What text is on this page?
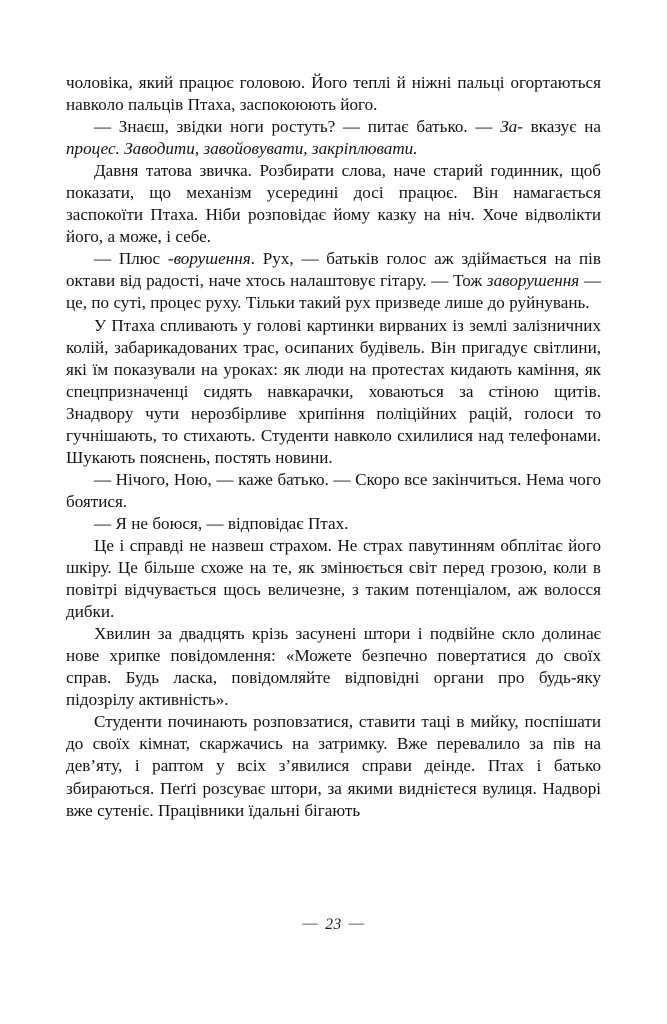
чоловіка, який працює головою. Його теплі й ніжні пальці огортаються навколо пальців Птаха, заспокоюють його.

— Знаєш, звідки ноги ростуть? — питає батько. — За- вказує на процес. Заводити, завойовувати, закріплювати.

Давня татова звичка. Розбирати слова, наче старий годинник, щоб показати, що механізм усередині досі працює. Він намагається заспокоїти Птаха. Ніби розповідає йому казку на ніч. Хоче відволікти його, а може, і себе.

— Плюс -ворушення. Рух, — батьків голос аж здіймається на пів октави від радості, наче хтось налаштовує гітару. — Тож заворушення — це, по суті, процес руху. Тільки такий рух призведе лише до руйнувань.

У Птаха спливають у голові картинки вирваних із землі залізничних колій, забарикадованих трас, осипаних будівель. Він пригадує світлини, які їм показували на уроках: як люди на протестах кидають каміння, як спецпризначенці сидять навкарачки, ховаються за стіною щитів. Знадвору чути нерозбірливе хрипіння поліційних рацій, голоси то гучнішають, то стихають. Студенти навколо схилилися над телефонами. Шукають пояснень, постять новини.

— Нічого, Ною, — каже батько. — Скоро все закінчиться. Нема чого боятися.

— Я не боюся, — відповідає Птах.

Це і справді не назвеш страхом. Не страх павутинням обплітає його шкіру. Це більше схоже на те, як змінюється світ перед грозою, коли в повітрі відчувається щось величезне, з таким потенціалом, аж волосся дибки.

Хвилин за двадцять крізь засунені штори і подвійне скло долинає нове хрипке повідомлення: «Можете безпечно повертатися до своїх справ. Будь ласка, повідомляйте відповідні органи про будь-яку підозрілу активність».

Студенти починають розповзатися, ставити таці в мийку, поспішати до своїх кімнат, скаржачись на затримку. Вже перевалило за пів на дев’яту, і раптом у всіх з’явилися справи деінде. Птах і батько збираються. Пеґґі розсуває штори, за якими виднієтеся вулиця. Надворі вже сутеніє. Працівники їдальні бігають

— 23 —
